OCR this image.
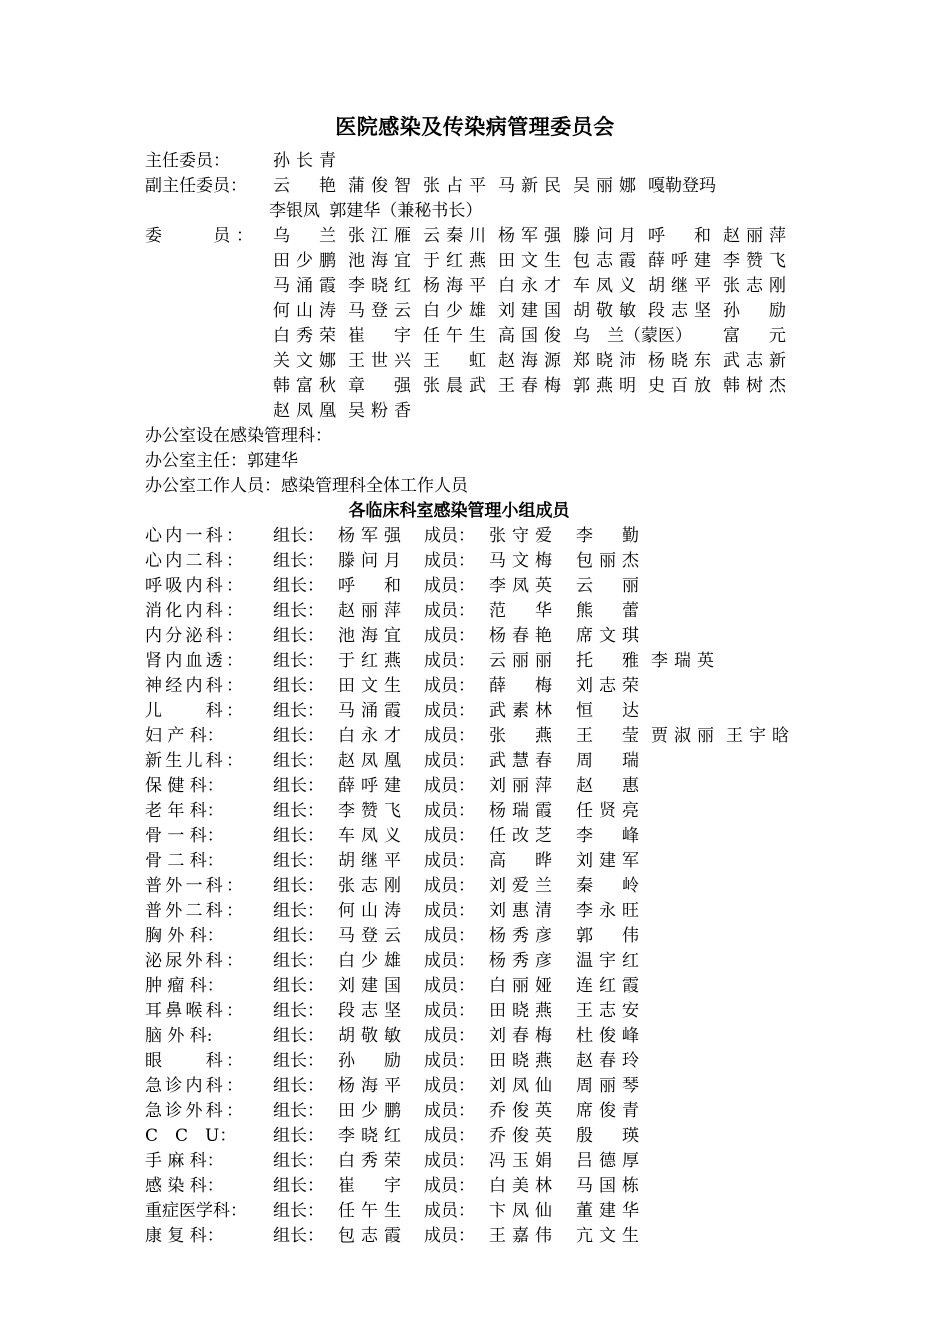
医院感染及传染病管理委员会
主任委员：	孙长青
副主任委员： 云　艳 蒲俊智 张占平 马新民 吴丽娜 嘎勒登玛
李银凤 郭建华（兼秘书长）
委　　员： 乌　兰 张江雁 云秦川 杨军强 滕问月 呼　和 赵丽萍
田少鹏 池海宜 于红燕 田文生 包志霞 薛呼建 李赞飞
马涌霞 李晓红 杨海平 白永才 车凤义 胡继平 张志刚
何山涛 马登云 白少雄 刘建国 胡敬敏 段志坚 孙　励
白秀荣 崔　宇 任午生 高国俊 乌　兰（蒙医）	富　元
关文娜 王世兴 王　虹 赵海源 郑晓沛 杨晓东 武志新
韩富秋 章　强 张晨武 王春梅 郭燕明 史百放 韩树杰
赵凤凰 吴粉香
办公室设在感染管理科：
办公室主任：郭建华
办公室工作人员：感染管理科全体工作人员
各临床科室感染管理小组成员
心内一科： 组长： 杨军强 成员： 张守爱 李　勤
心内二科： 组长： 滕问月 成员： 马文梅 包丽杰
呼吸内科： 组长： 呼　和 成员： 李凤英 云　丽
消化内科： 组长： 赵丽萍 成员： 范　华 熊　蕾
内分泌科： 组长： 池海宜 成员： 杨春艳 席文琪
肾内血透： 组长： 于红燕 成员： 云丽丽 托　雅 李瑞英
神经内科： 组长： 田文生 成员： 薛　梅 刘志荣
儿　　科： 组长： 马涌霞 成员： 武素林 恒　达
妇 产 科：	组长： 白永才 成员： 张　燕 王　莹 贾淑丽 王宇晗
新生儿科： 组长： 赵凤凰 成员： 武慧春 周　瑞
保 健 科：	组长： 薛呼建 成员： 刘丽萍 赵　惠
老 年 科：	组长： 李赞飞 成员： 杨瑞霞 任贤亮
骨 一 科：	组长： 车凤义 成员： 任改芝 李　峰
骨 二 科：	组长： 胡继平 成员： 高　晔 刘建军
普外一科： 组长： 张志刚 成员： 刘爱兰 秦　岭
普外二科： 组长： 何山涛 成员： 刘惠清 李永旺
胸 外 科：	组长： 马登云 成员： 杨秀彦 郭　伟
泌尿外科： 组长： 白少雄 成员： 杨秀彦 温宇红
肿 瘤 科：	组长： 刘建国 成员： 白丽娅 连红霞
耳鼻喉科： 组长： 段志坚 成员： 田晓燕 王志安
脑 外 科:	组长： 胡敬敏 成员： 刘春梅 杜俊峰
眼　　科： 组长： 孙　励 成员： 田晓燕 赵春玲
急诊内科： 组长： 杨海平 成员： 刘凤仙 周丽琴
急诊外科： 组长： 田少鹏 成员： 乔俊英 席俊青
C　C　U：	组长： 李晓红 成员： 乔俊英 殷　瑛
手 麻 科：	组长： 白秀荣 成员： 冯玉娟 吕德厚
感 染 科：	组长： 崔　宇 成员： 白美林 马国栋
重症医学科： 组长： 任午生 成员： 卞凤仙 董建华
康 复 科：	组长： 包志霞 成员： 王嘉伟 亢文生
